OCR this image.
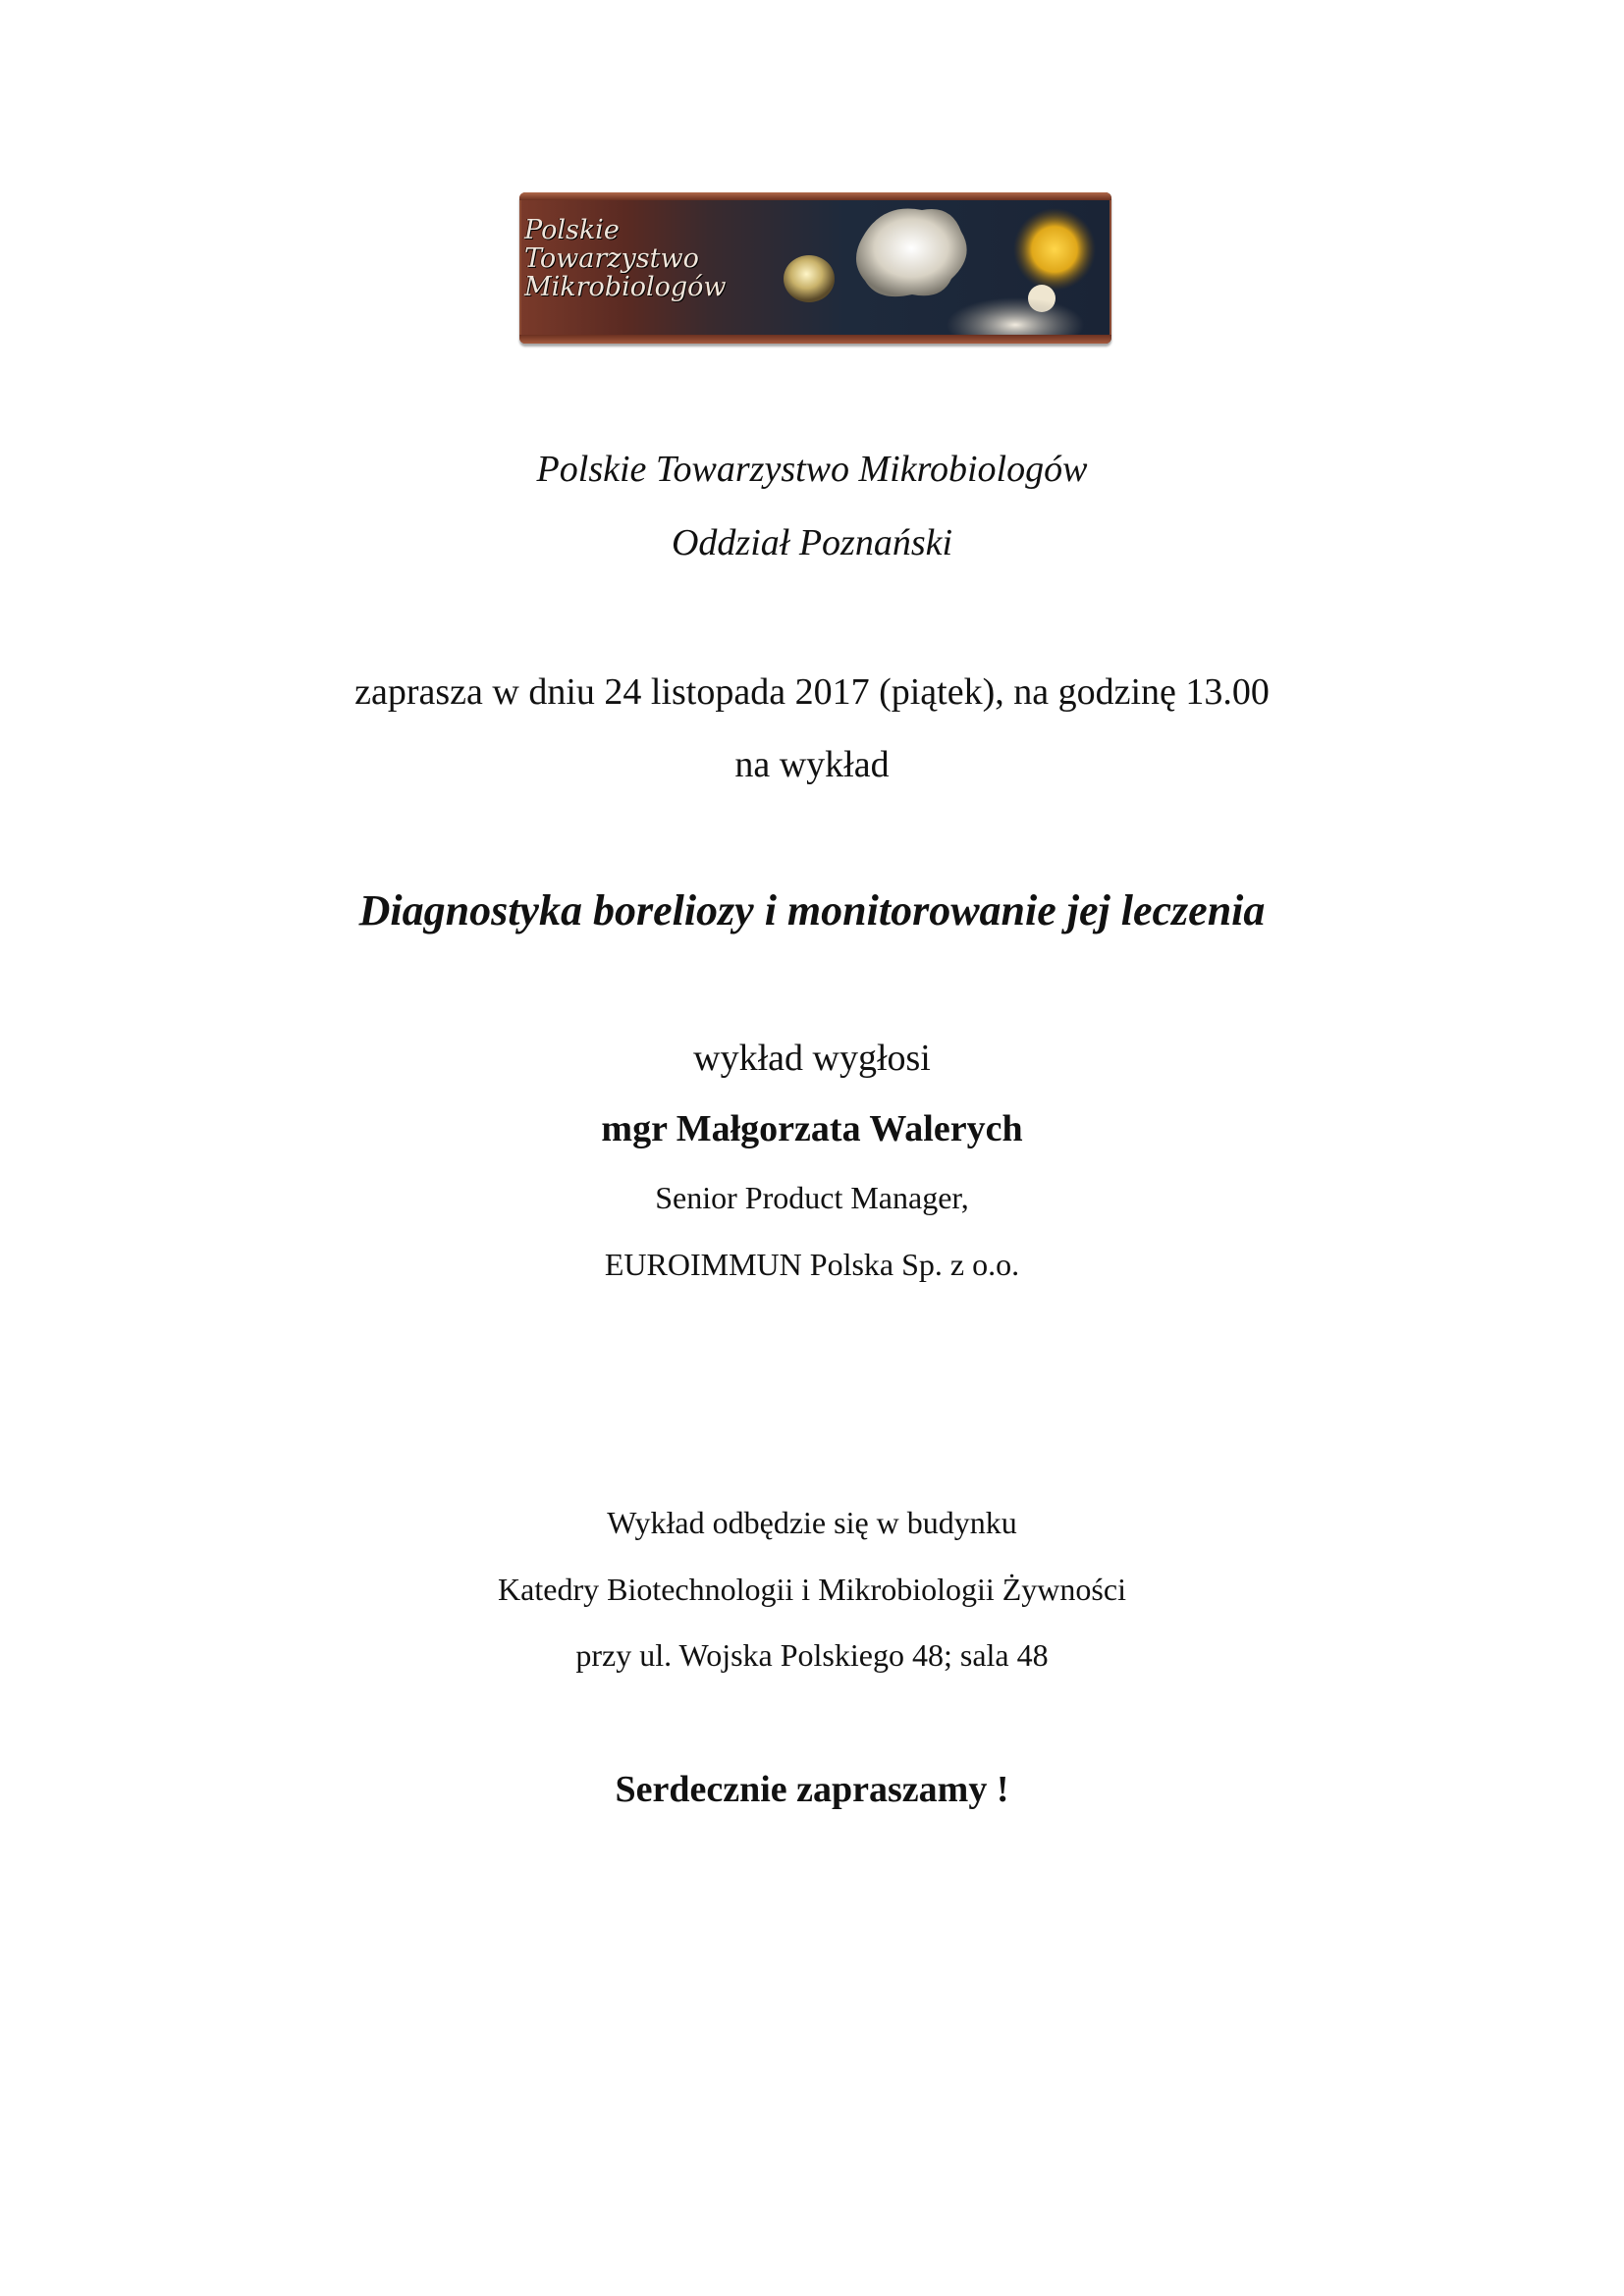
Polskie
Towarzystwo
Mikrobiologów
Polskie Towarzystwo Mikrobiologów
Oddział Poznański
zaprasza w dniu 24 listopada 2017 (piątek), na godzinę 13.00
na wykład
Diagnostyka boreliozy i monitorowanie jej leczenia
wykład wygłosi
mgr Małgorzata Walerych
Senior Product Manager,
EUROIMMUN Polska Sp. z o.o.
Wykład odbędzie się w budynku
Katedry Biotechnologii i Mikrobiologii Żywności
przy ul. Wojska Polskiego 48; sala 48
Serdecznie zapraszamy !
